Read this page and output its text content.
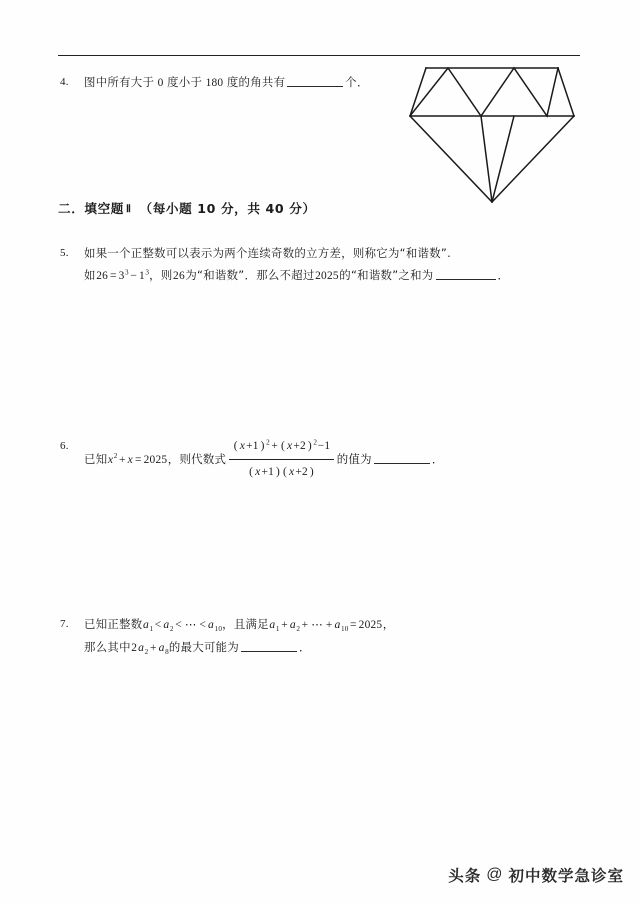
4.	图中所有大于 0 度小于 180 度的角共有	个．
二．填空题 Ⅱ （每小题 10 分，共 40 分）
5.	如果一个正整数可以表示为两个连续奇数的立方差，则称它为“和谐数”.
如$26 = 3^3 - 1^3$，则26为“和谐数”．那么不超过2025的“和谐数”之和为	．
6.
已知$x^2 + x = 2025$，则代数式 $\frac{( x+1 ) ^2 + ( x+2 ) ^2-1}{( x+1 ) ( x+2 )}$ 的值为	．
7.	已知正整数$a_1 < a_2$ < ⋯ < $a_{10}$，且满足$a_1 + a_2$ + ⋯ + $a_{10} = 2025$，
那么其中$2a_2 + a_8$的最大可能为	．
头条 @ 初中数学急诊室
